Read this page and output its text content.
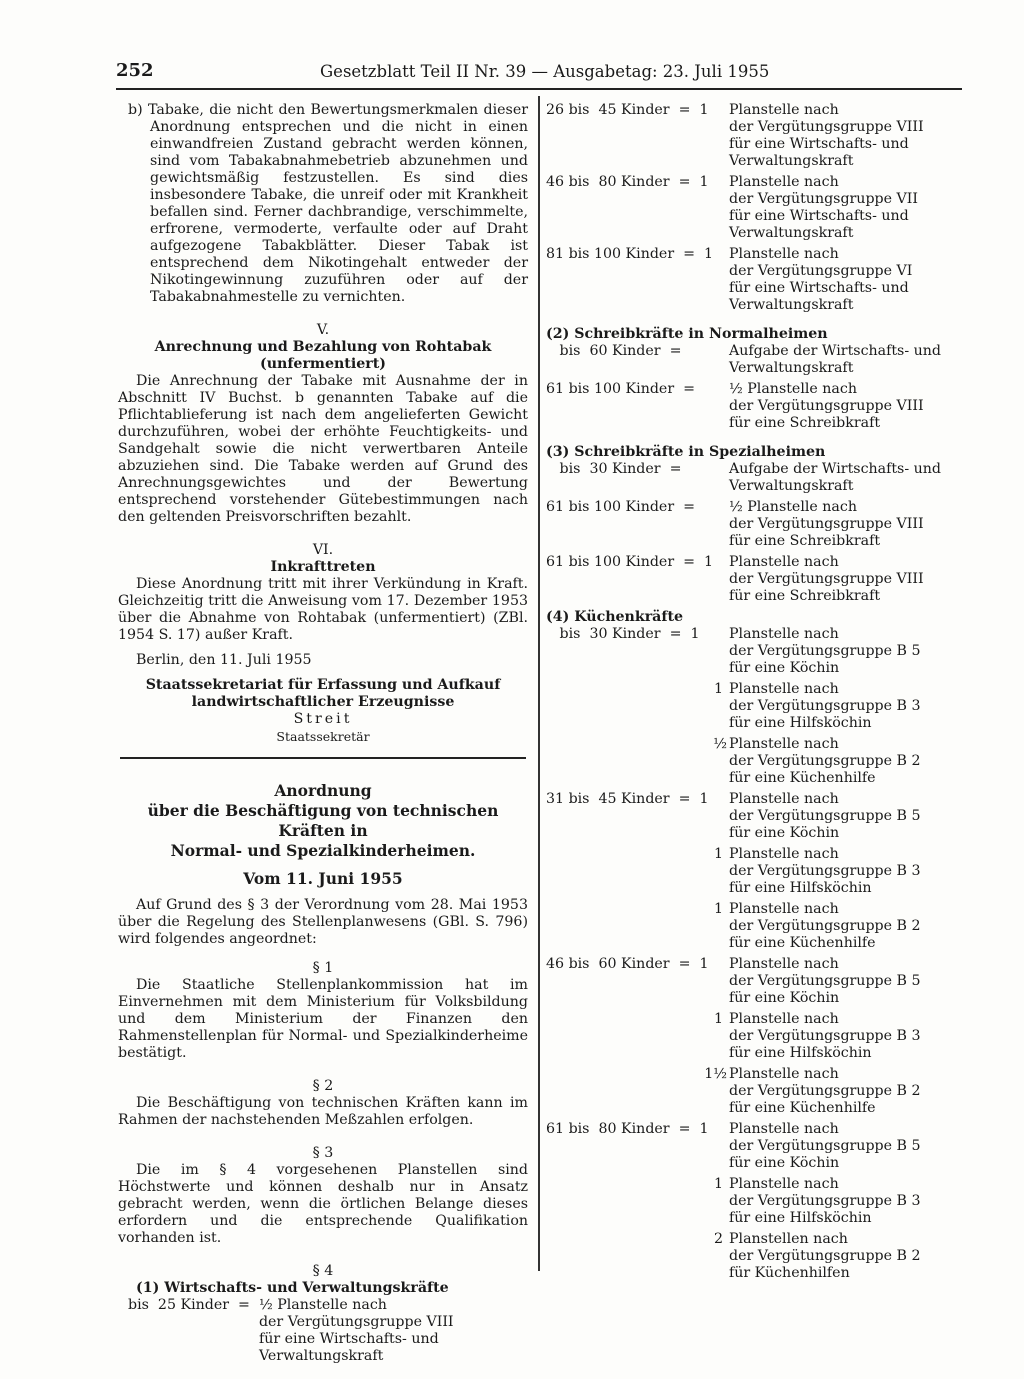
252	Gesetzblatt Teil II Nr. 39 — Ausgabetag: 23. Juli 1955

b) Tabake, die nicht den Bewertungsmerkmalen dieser Anordnung entsprechen und die nicht in einen einwandfreien Zustand gebracht werden können, sind vom Tabakabnahmebetrieb abzunehmen und gewichtsmäßig festzustellen. Es sind dies insbesondere Tabake, die unreif oder mit Krankheit befallen sind. Ferner dachbrandige, verschimmelte, erfrorene, vermoderte, verfaulte oder auf Draht aufgezogene Tabakblätter. Dieser Tabak ist entsprechend dem Nikotingehalt entweder der Nikotingewinnung zuzuführen oder auf der Tabakabnahmestelle zu vernichten.

V.

Anrechnung und Bezahlung von Rohtabak

(unfermentiert)

Die Anrechnung der Tabake mit Ausnahme der in Abschnitt IV Buchst. b genannten Tabake auf die Pflichtablieferung ist nach dem angelieferten Gewicht durchzuführen, wobei der erhöhte Feuchtigkeits- und Sandgehalt sowie die nicht verwertbaren Anteile abzuziehen sind. Die Tabake werden auf Grund des Anrechnungsgewichtes und der Bewertung entsprechend vorstehender Gütebestimmungen nach den geltenden Preisvorschriften bezahlt.

VI.

Inkrafttreten

Diese Anordnung tritt mit ihrer Verkündung in Kraft. Gleichzeitig tritt die Anweisung vom 17. Dezember 1953 über die Abnahme von Rohtabak (unfermentiert) (ZBl. 1954 S. 17) außer Kraft.

Berlin, den 11. Juli 1955

Staatssekretariat für Erfassung und Aufkauf

landwirtschaftlicher Erzeugnisse

Streit

Staatssekretär

Anordnung

über die Beschäftigung von technischen Kräften in

Normal- und Spezialkinderheimen.

Vom 11. Juni 1955

Auf Grund des § 3 der Verordnung vom 28. Mai 1953 über die Regelung des Stellenplanwesens (GBl. S. 796) wird folgendes angeordnet:

§ 1

Die Staatliche Stellenplankommission hat im Einvernehmen mit dem Ministerium für Volksbildung und dem Ministerium der Finanzen den Rahmenstellenplan für Normal- und Spezialkinderheime bestätigt.

§ 2

Die Beschäftigung von technischen Kräften kann im Rahmen der nachstehenden Meßzahlen erfolgen.

§ 3

Die im § 4 vorgesehenen Planstellen sind Höchstwerte und können deshalb nur in Ansatz gebracht werden, wenn die örtlichen Belange dieses erfordern und die entsprechende Qualifikation vorhanden ist.

§ 4

(1) Wirtschafts- und Verwaltungskräfte

bis  25 Kinder  = ½ Planstelle nach
der Vergütungsgruppe VIII
für eine Wirtschafts- und Verwaltungskraft
26 bis  45 Kinder  =  1	Planstelle nach
der Vergütungsgruppe VIII
für eine Wirtschafts- und Verwaltungskraft
46 bis  80 Kinder  =  1	Planstelle nach
der Vergütungsgruppe VII
für eine Wirtschafts- und Verwaltungskraft
81 bis 100 Kinder  =  1	Planstelle nach
der Vergütungsgruppe VI
für eine Wirtschafts- und Verwaltungskraft

(2) Schreibkräfte in Normalheimen

bis  60 Kinder  =	Aufgabe der Wirtschafts- und Verwaltungskraft
61 bis 100 Kinder  =	½ Planstelle nach
der Vergütungsgruppe VIII
für eine Schreibkraft

(3) Schreibkräfte in Spezialheimen

bis  30 Kinder  =	Aufgabe der Wirtschafts- und Verwaltungskraft
61 bis 100 Kinder  =	½ Planstelle nach
der Vergütungsgruppe VIII
für eine Schreibkraft
61 bis 100 Kinder  =  1	Planstelle nach
der Vergütungsgruppe VIII
für eine Schreibkraft

(4) Küchenkräfte

bis  30 Kinder  =  1	Planstelle nach
der Vergütungsgruppe B 5
für eine Köchin
1 Planstelle nach
der Vergütungsgruppe B 3
für eine Hilfsköchin
½ Planstelle nach
der Vergütungsgruppe B 2
für eine Küchenhilfe
31 bis  45 Kinder  =  1	Planstelle nach
der Vergütungsgruppe B 5
für eine Köchin
1 Planstelle nach
der Vergütungsgruppe B 3
für eine Hilfsköchin
1 Planstelle nach
der Vergütungsgruppe B 2
für eine Küchenhilfe
46 bis  60 Kinder  =  1	Planstelle nach
der Vergütungsgruppe B 5
für eine Köchin
1 Planstelle nach
der Vergütungsgruppe B 3
für eine Hilfsköchin
1½ Planstelle nach
der Vergütungsgruppe B 2
für eine Küchenhilfe
61 bis  80 Kinder  =  1	Planstelle nach
der Vergütungsgruppe B 5
für eine Köchin
1 Planstelle nach
der Vergütungsgruppe B 3
für eine Hilfsköchin
2 Planstellen nach
der Vergütungsgruppe B 2
für Küchenhilfen
